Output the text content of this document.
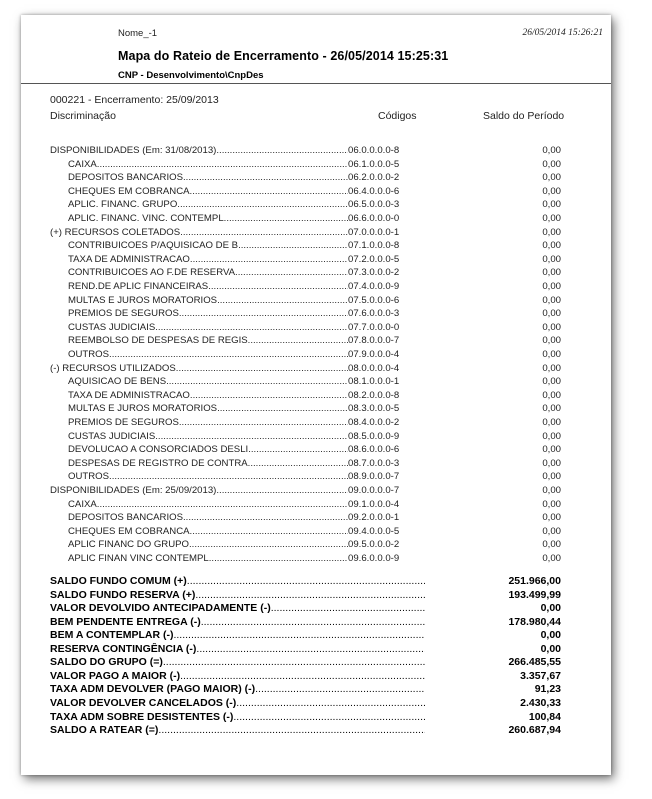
Nome_-1	26/05/2014 15:26:21
Mapa do Rateio de Encerramento - 26/05/2014 15:25:31
CNP - Desenvolvimento\CnpDes
000221 - Encerramento: 25/09/2013
Discriminação	Códigos	Saldo do Período
DISPONIBILIDADES (Em: 31/08/2013) .....	06.0.0.0.0-8	0,00
CAIXA .....	06.1.0.0.0-5	0,00
DEPOSITOS BANCARIOS .....	06.2.0.0.0-2	0,00
CHEQUES EM COBRANCA .....	06.4.0.0.0-6	0,00
APLIC. FINANC. GRUPO .....	06.5.0.0.0-3	0,00
APLIC. FINANC. VINC. CONTEMPL .....	06.6.0.0.0-0	0,00
(+) RECURSOS COLETADOS .....	07.0.0.0.0-1	0,00
CONTRIBUICOES P/AQUISICAO DE B .....	07.1.0.0.0-8	0,00
TAXA DE ADMINISTRACAO .....	07.2.0.0.0-5	0,00
CONTRIBUICOES AO F.DE RESERVA .....	07.3.0.0.0-2	0,00
REND.DE APLIC FINANCEIRAS .....	07.4.0.0.0-9	0,00
MULTAS E JUROS MORATORIOS .....	07.5.0.0.0-6	0,00
PREMIOS DE SEGUROS .....	07.6.0.0.0-3	0,00
CUSTAS JUDICIAIS .....	07.7.0.0.0-0	0,00
REEMBOLSO DE DESPESAS DE REGIS .....	07.8.0.0.0-7	0,00
OUTROS .....	07.9.0.0.0-4	0,00
(-) RECURSOS UTILIZADOS .....	08.0.0.0.0-4	0,00
AQUISICAO DE BENS .....	08.1.0.0.0-1	0,00
TAXA DE ADMINISTRACAO .....	08.2.0.0.0-8	0,00
MULTAS E JUROS MORATORIOS .....	08.3.0.0.0-5	0,00
PREMIOS DE SEGUROS .....	08.4.0.0.0-2	0,00
CUSTAS JUDICIAIS .....	08.5.0.0.0-9	0,00
DEVOLUCAO A CONSORCIADOS DESLI .....	08.6.0.0.0-6	0,00
DESPESAS DE REGISTRO DE CONTRA .....	08.7.0.0.0-3	0,00
OUTROS .....	08.9.0.0.0-7	0,00
DISPONIBILIDADES (Em: 25/09/2013) .....	09.0.0.0.0-7	0,00
CAIXA .....	09.1.0.0.0-4	0,00
DEPOSITOS BANCARIOS .....	09.2.0.0.0-1	0,00
CHEQUES EM COBRANCA .....	09.4.0.0.0-5	0,00
APLIC FINANC DO GRUPO .....	09.5.0.0.0-2	0,00
APLIC FINAN VINC CONTEMPL .....	09.6.0.0.0-9	0,00
SALDO FUNDO COMUM (+) .....	251.966,00
SALDO FUNDO RESERVA (+) .....	193.499,99
VALOR DEVOLVIDO ANTECIPADAMENTE (-) .....	0,00
BEM PENDENTE ENTREGA (-) .....	178.980,44
BEM A CONTEMPLAR (-) .....	0,00
RESERVA CONTINGÊNCIA (-) .....	0,00
SALDO DO GRUPO (=) .....	266.485,55
VALOR PAGO A MAIOR (-) .....	3.357,67
TAXA ADM DEVOLVER (PAGO MAIOR) (-) .....	91,23
VALOR DEVOLVER CANCELADOS (-) .....	2.430,33
TAXA ADM SOBRE DESISTENTES (-) .....	100,84
SALDO A RATEAR (=) .....	260.687,94
